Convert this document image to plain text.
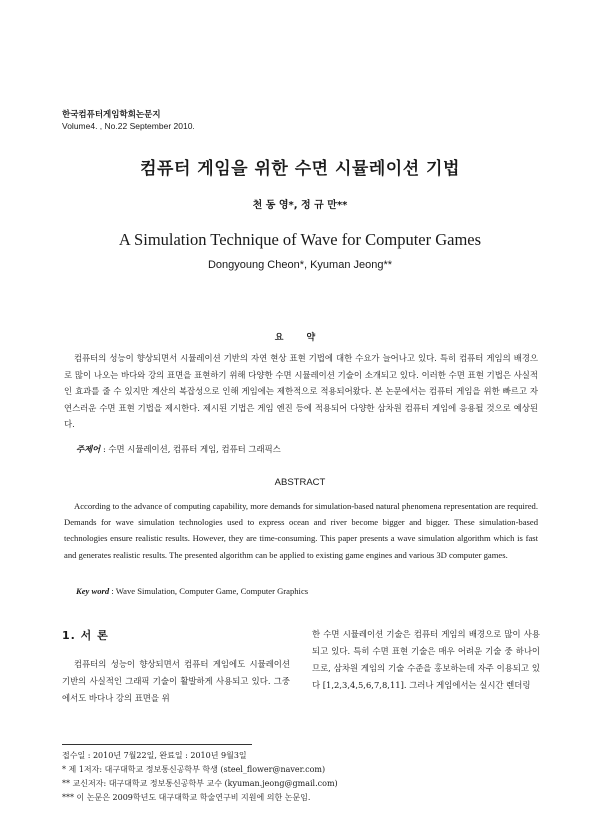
한국컴퓨터게임학회논문지
Volume4. , No.22 September 2010.
컴퓨터 게임을 위한 수면 시뮬레이션 기법
천 동 영*, 정 규 만**
A Simulation Technique of Wave for Computer Games
Dongyoung Cheon*, Kyuman Jeong**
요 약

컴퓨터의 성능이 향상되면서 시뮬레이션 기반의 자연 현상 표현 기법에 대한 수요가 늘어나고 있다. 특히 컴퓨터 게임의 배경으로 많이 나오는 바다와 강의 표면을 표현하기 위해 다양한 수면 시뮬레이션 기술이 소개되고 있다. 이러한 수면 표현 기법은 사실적인 효과를 줄 수 있지만 계산의 복잡성으로 인해 게임에는 제한적으로 적용되어왔다. 본 논문에서는 컴퓨터 게임을 위한 빠르고 자연스러운 수면 표현 기법을 제시한다. 제시된 기법은 게임 엔진 등에 적용되어 다양한 삼차원 컴퓨터 게임에 응용될 것으로 예상된다.

주제어 : 수면 시뮬레이션, 컴퓨터 게임, 컴퓨터 그래픽스
ABSTRACT

According to the advance of computing capability, more demands for simulation-based natural phenomena representation are required. Demands for wave simulation technologies used to express ocean and river become bigger and bigger. These simulation-based technologies ensure realistic results. However, they are time-consuming. This paper presents a wave simulation algorithm which is fast and generates realistic results. The presented algorithm can be applied to existing game engines and various 3D computer games.

Key word : Wave Simulation, Computer Game, Computer Graphics
1. 서 론

컴퓨터의 성능이 향상되면서 컴퓨터 게임에도 시뮬레이션 기반의 사실적인 그래픽 기술이 활발하게 사용되고 있다. 그중에서도 바다나 강의 표면을 위

한 수면 시뮬레이션 기술은 컴퓨터 게임의 배경으로 많이 사용되고 있다. 특히 수면 표현 기술은 매우 어려운 기술 중 하나이므로, 삼차원 게임의 기술 수준을 홍보하는데 자주 이용되고 있다 [1,2,3,4,5,6,7,8,11]. 그러나 게임에서는 실시간 렌더링

접수일 : 2010년 7월22일, 완료일 : 2010년 9월3일
* 제 1저자: 대구대학교 정보통신공학부 학생 (steel_flower@naver.com)
** 교신저자: 대구대학교 정보통신공학부 교수 (kyuman.jeong@gmail.com)
*** 이 논문은 2009학년도 대구대학교 학술연구비 지원에 의한 논문임.
